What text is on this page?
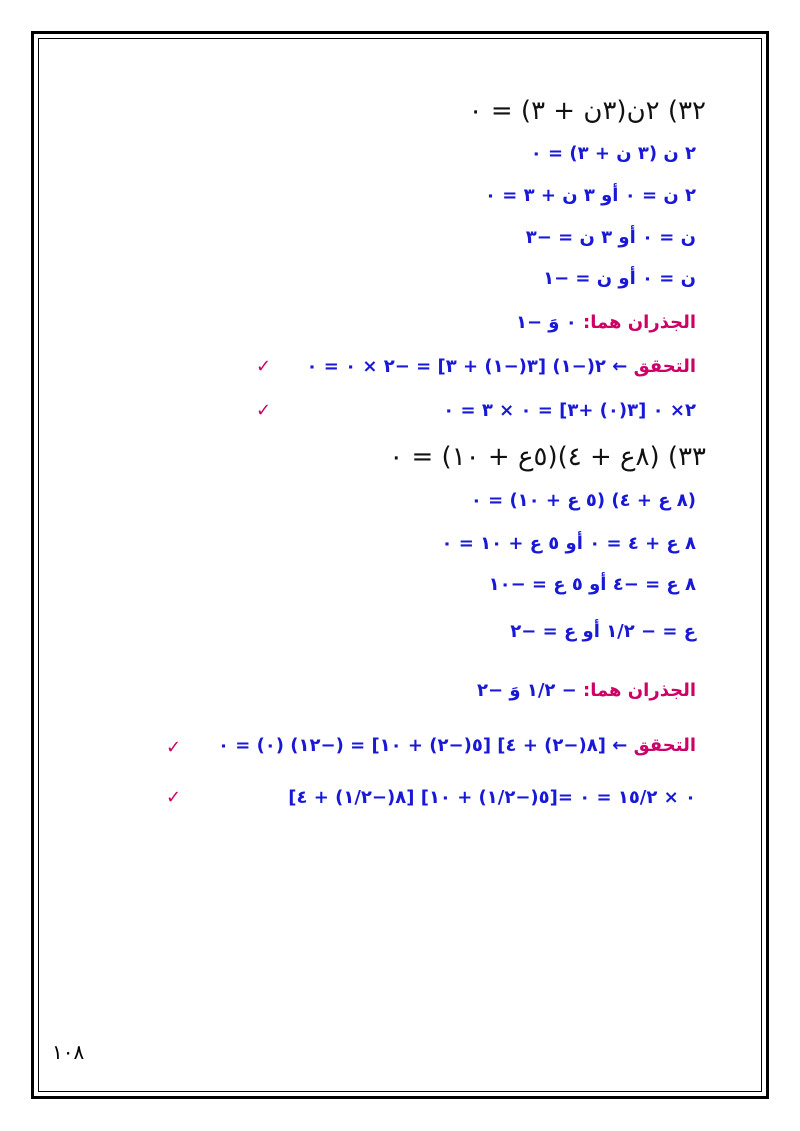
٣٢) ٢ن(٣ن + ٣) = ٠
٢ ن (٣ ن + ٣) = ٠
٢ ن = ٠ أو ٣ ن + ٣ = ٠
ن = ٠ أو ٣ ن = −٣
ن = ٠ أو ن = −١
الجذران هما: ٠ وَ −١
التحقق ← ٢(−١) [٣(−١) + ٣] = −٢ × ٠ = ٠
✓
٢× ٠ [٣(٠) +٣] = ٠ × ٣ = ٠
✓
٣٣) (٨ع + ٤)(٥ع + ١٠) = ٠
(٨ ع + ٤) (٥ ع + ١٠) = ٠
٨ ع + ٤ = ٠ أو ٥ ع + ١٠ = ٠
٨ ع = −٤ أو ٥ ع = −١٠
ع = − ١/٢ أو ع = −٢
الجذران هما: − ١/٢ وَ −٢
التحقق ← [٨(−٢) + ٤] [٥(−٢) + ١٠] = (−١٢) (٠) = ٠
✓
[٨(−١/٢) + ٤] [٥(−١/٢) + ١٠]= ٠ × ١٥/٢ = ٠
✓
١٠٨
